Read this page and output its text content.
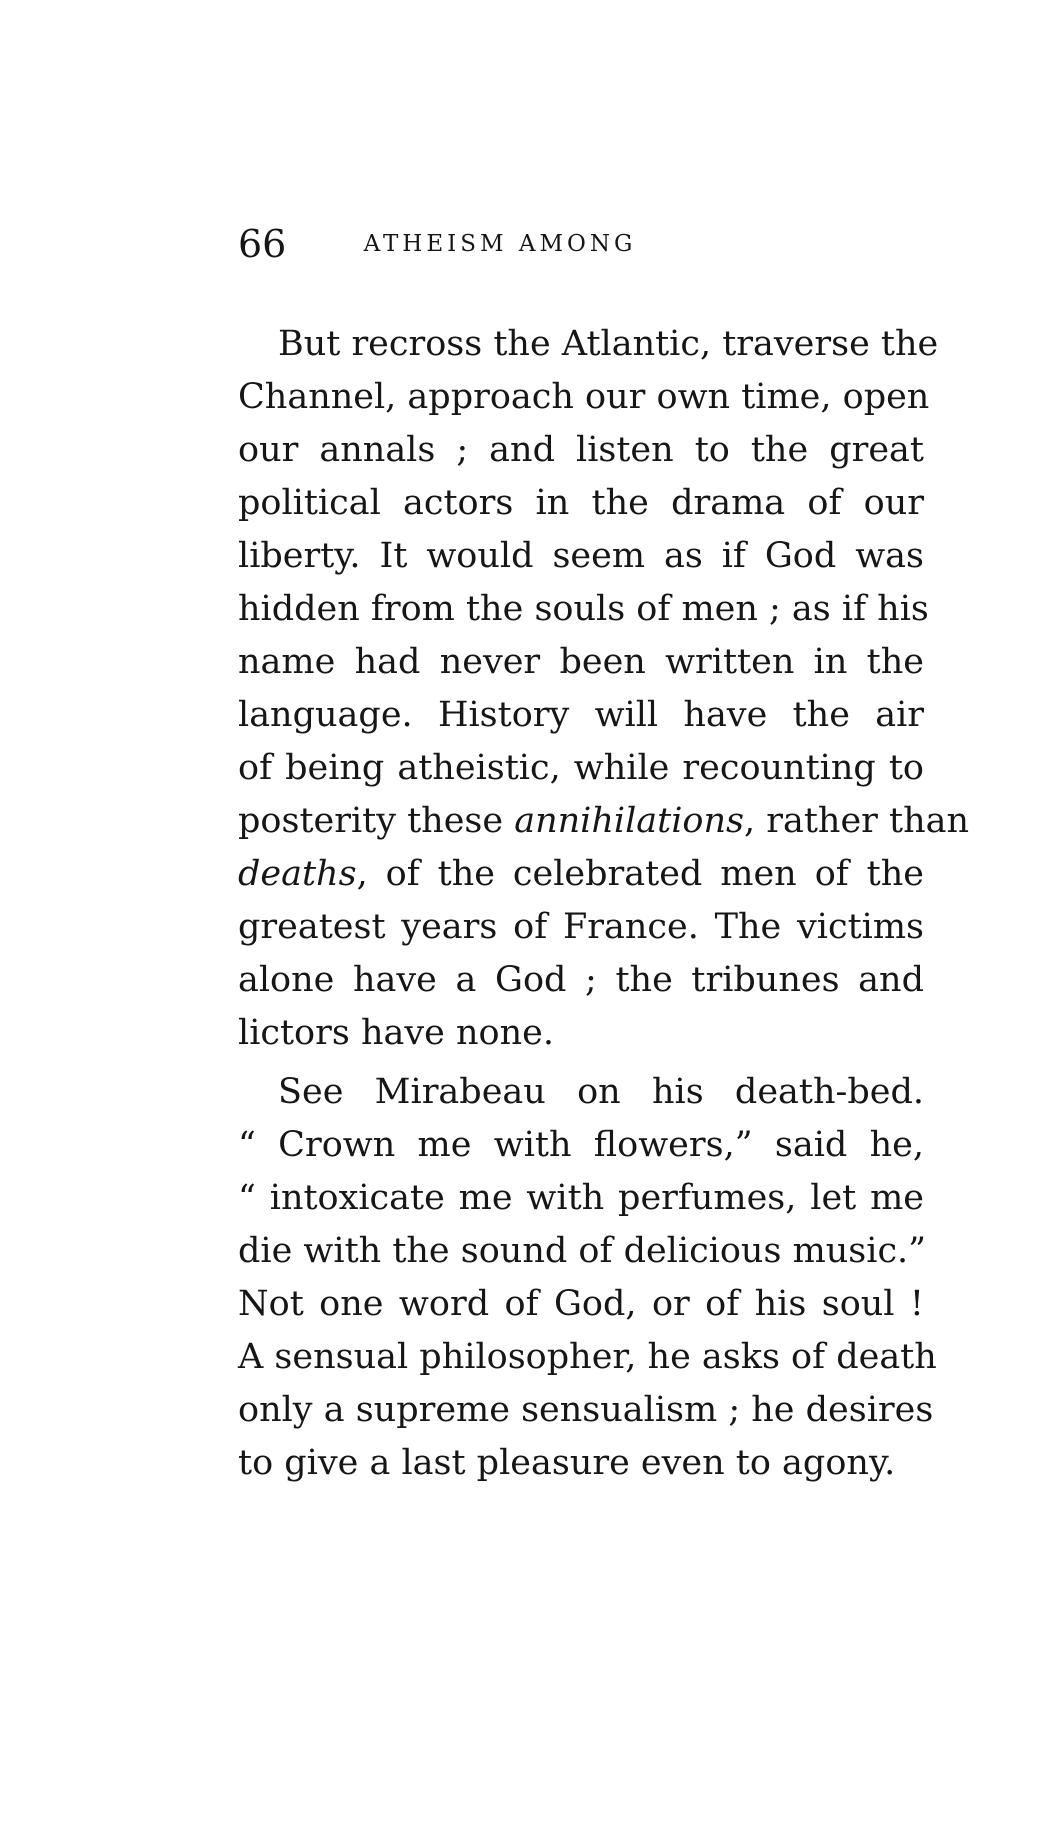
66	ATHEISM AMONG
But recross the Atlantic, traverse the
Channel, approach our own time, open
our annals ; and listen to the great
political actors in the drama of our
liberty. It would seem as if God was
hidden from the souls of men ; as if his
name had never been written in the
language. History will have the air
of being atheistic, while recounting to
posterity these annihilations, rather than
deaths, of the celebrated men of the
greatest years of France. The victims
alone have a God ; the tribunes and
lictors have none.
See Mirabeau on his death-bed.
“ Crown me with flowers,” said he,
“ intoxicate me with perfumes, let me
die with the sound of delicious music.”
Not one word of God, or of his soul !
A sensual philosopher, he asks of death
only a supreme sensualism ; he desires
to give a last pleasure even to agony.
